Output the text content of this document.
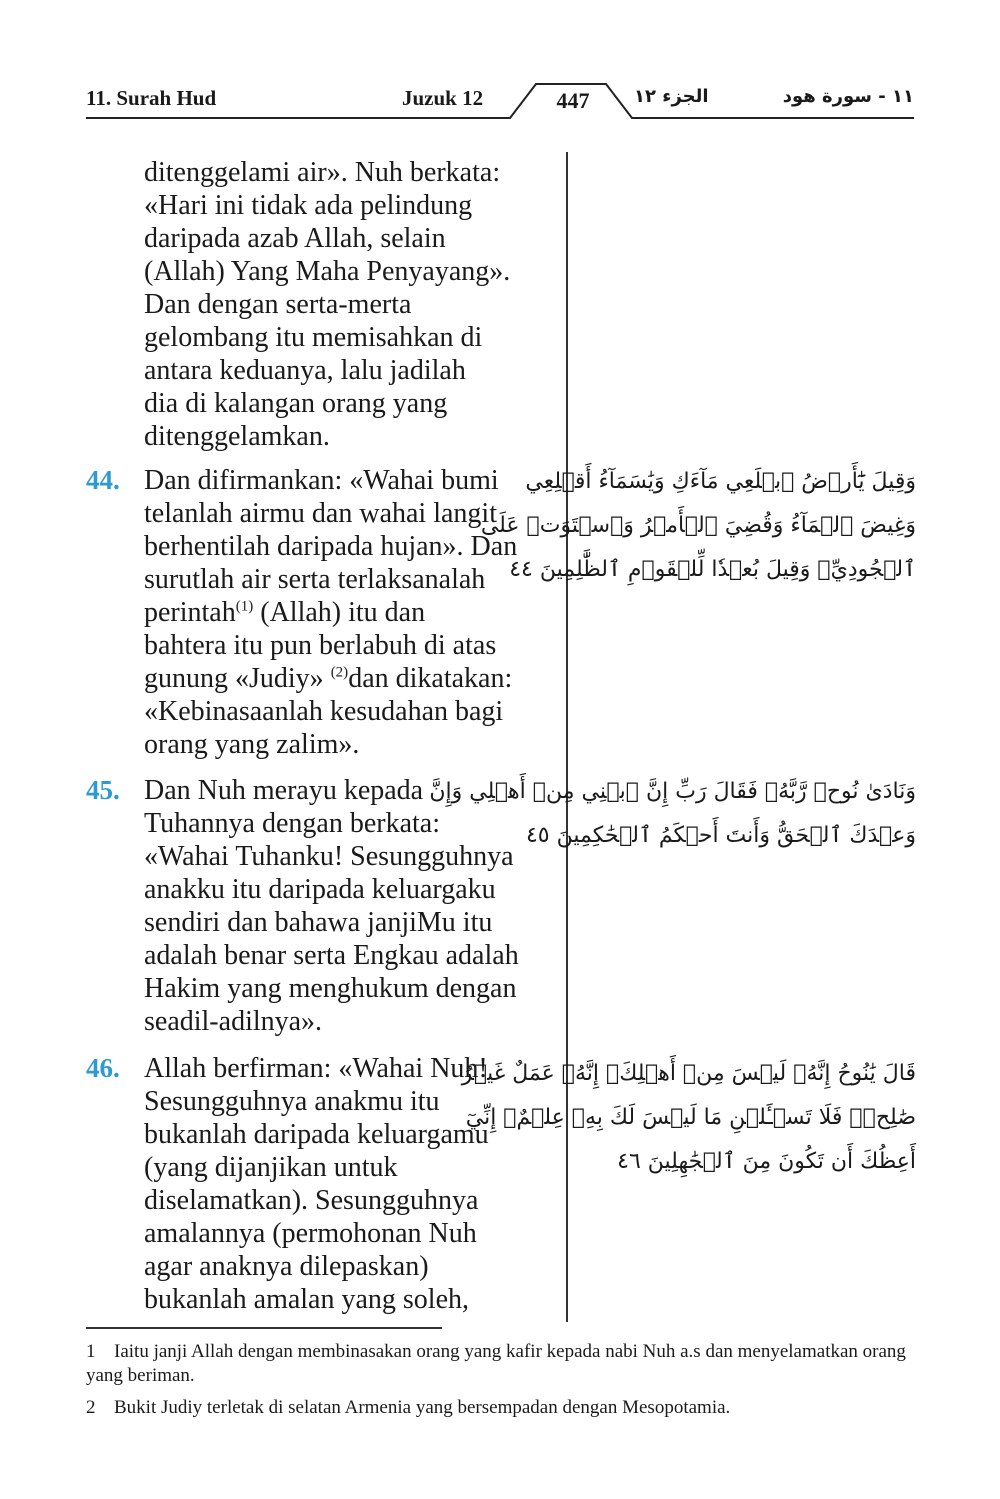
11. Surah Hud	Juzuk 12	447	الجزء ١٢	١١ - سورة هود
ditenggelami air». Nuh berkata:
«Hari ini tidak ada pelindung
daripada azab Allah, selain
(Allah) Yang Maha Penyayang».
Dan dengan serta-merta
gelombang itu memisahkan di
antara keduanya, lalu jadilah
dia di kalangan orang yang
ditenggelamkan.
44. Dan difirmankan: «Wahai bumi
telanlah airmu dan wahai langit
berhentilah daripada hujan». Dan
surutlah air serta terlaksanalah
perintah$^{(1)}$ (Allah) itu dan
bahtera itu pun berlabuh di atas
gunung «Judiy» $^{(2)}$dan dikatakan:
«Kebinasaanlah kesudahan bagi
orang yang zalim».
وَقِيلَ يَٰٓأَرۡضُ ٱبۡلَعِي مَآءَكِ وَيَٰسَمَآءُ أَقۡلِعِي
وَغِيضَ ٱلۡمَآءُ وَقُضِيَ ٱلۡأَمۡرُ وَٱسۡتَوَتۡ عَلَى
ٱلۡجُودِيِّۖ وَقِيلَ بُعۡدٗا لِّلۡقَوۡمِ ٱلظَّٰلِمِينَ ٤٤
45. Dan Nuh merayu kepada
Tuhannya dengan berkata:
«Wahai Tuhanku! Sesungguhnya
anakku itu daripada keluargaku
sendiri dan bahawa janjiMu itu
adalah benar serta Engkau adalah
Hakim yang menghukum dengan
seadil-adilnya».
وَنَادَىٰ نُوحٞ رَّبَّهُۥ فَقَالَ رَبِّ إِنَّ ٱبۡنِي مِنۡ أَهۡلِي وَإِنَّ
وَعۡدَكَ ٱلۡحَقُّ وَأَنتَ أَحۡكَمُ ٱلۡحَٰكِمِينَ ٤٥
46. Allah berfirman: «Wahai Nuh!
Sesungguhnya anakmu itu
bukanlah daripada keluargamu
(yang dijanjikan untuk
diselamatkan). Sesungguhnya
amalannya (permohonan Nuh
agar anaknya dilepaskan)
bukanlah amalan yang soleh,
قَالَ يَٰنُوحُ إِنَّهُۥ لَيۡسَ مِنۡ أَهۡلِكَۖ إِنَّهُۥ عَمَلٌ غَيۡرُ
صَٰلِحٖۖ فَلَا تَسۡـَٔلۡنِ مَا لَيۡسَ لَكَ بِهِۦ عِلۡمٌۖ إِنِّيٓ
أَعِظُكَ أَن تَكُونَ مِنَ ٱلۡجَٰهِلِينَ ٤٦
1 Iaitu janji Allah dengan membinasakan orang yang kafir kepada nabi Nuh a.s dan menyelamatkan orang yang beriman.
2 Bukit Judiy terletak di selatan Armenia yang bersempadan dengan Mesopotamia.
